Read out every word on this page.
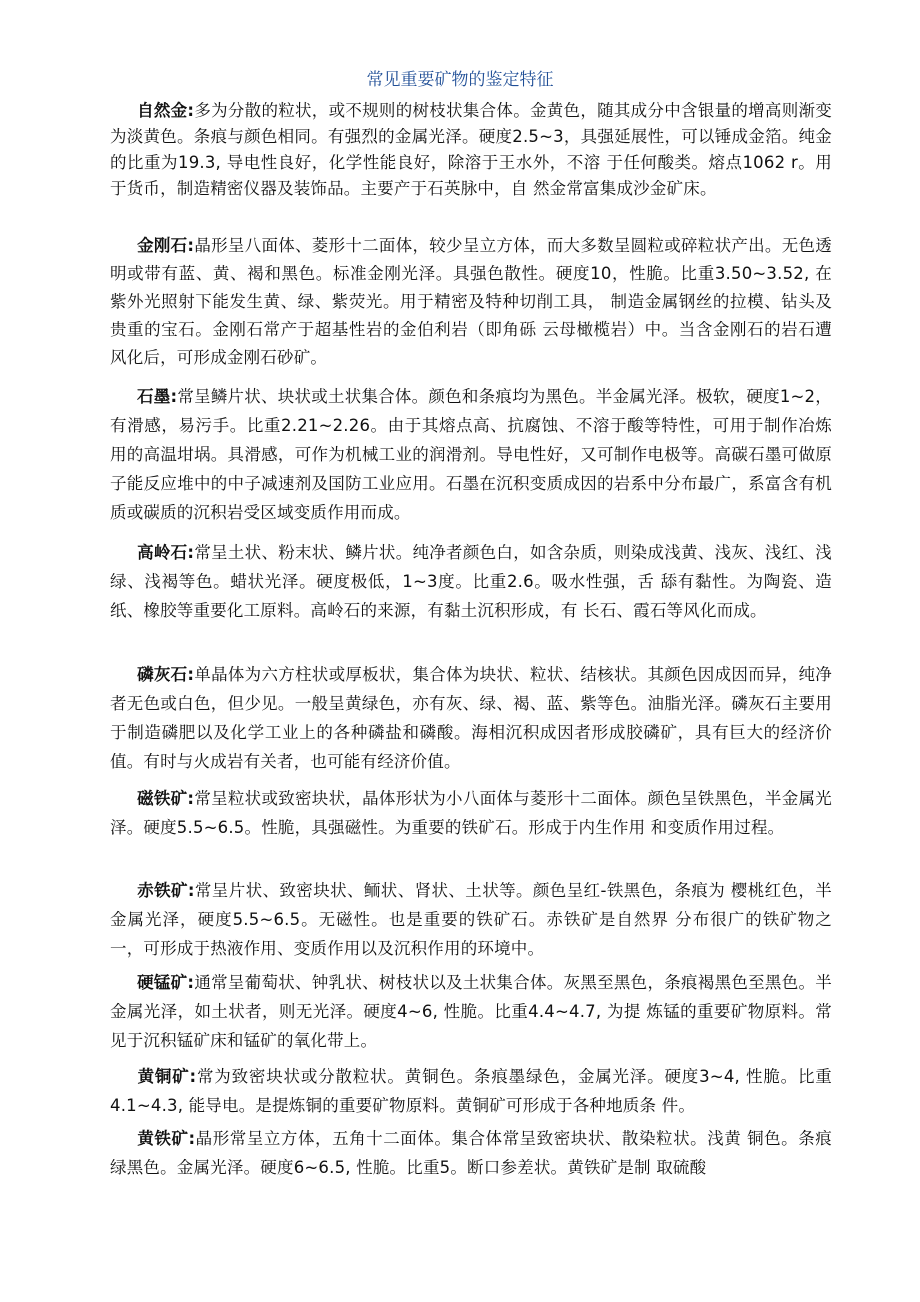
常见重要矿物的鉴定特征

自然金:多为分散的粒状，或不规则的树枝状集合体。金黄色，随其成分中含银量的增高则渐变为淡黄色。条痕与颜色相同。有强烈的金属光泽。硬度2.5~3，具强延展性，可以锤成金箔。纯金的比重为19.3, 导电性良好，化学性能良好，除溶于王水外，不溶 于任何酸类。熔点1062 r。用于货币，制造精密仪器及装饰品。主要产于石英脉中，自 然金常富集成沙金矿床。

金刚石:晶形呈八面体、菱形十二面体，较少呈立方体，而大多数呈圆粒或碎粒状产出。无色透明或带有蓝、黄、褐和黑色。标准金刚光泽。具强色散性。硬度10，性脆。比重3.50~3.52, 在紫外光照射下能发生黄、绿、紫荧光。用于精密及特种切削工具， 制造金属钢丝的拉模、钻头及贵重的宝石。金刚石常产于超基性岩的金伯利岩（即角砾 云母橄榄岩）中。当含金刚石的岩石遭风化后，可形成金刚石砂矿。

石墨:常呈鳞片状、块状或土状集合体。颜色和条痕均为黑色。半金属光泽。极软，硬度1~2，有滑感，易污手。比重2.21~2.26。由于其熔点高、抗腐蚀、不溶于酸等特性，可用于制作冶炼用的高温坩埚。具滑感，可作为机械工业的润滑剂。导电性好，又可制作电极等。高碳石墨可做原子能反应堆中的中子减速剂及国防工业应用。石墨在沉积变质成因的岩系中分布最广，系富含有机质或碳质的沉积岩受区域变质作用而成。

高岭石:常呈土状、粉末状、鳞片状。纯净者颜色白，如含杂质，则染成浅黄、浅灰、浅红、浅绿、浅褐等色。蜡状光泽。硬度极低，1~3度。比重2.6。吸水性强，舌 舔有黏性。为陶瓷、造纸、橡胶等重要化工原料。高岭石的来源，有黏土沉积形成，有 长石、霞石等风化而成。

磷灰石:单晶体为六方柱状或厚板状，集合体为块状、粒状、结核状。其颜色因成因而异，纯净者无色或白色，但少见。一般呈黄绿色，亦有灰、绿、褐、蓝、紫等色。油脂光泽。磷灰石主要用于制造磷肥以及化学工业上的各种磷盐和磷酸。海相沉积成因者形成胶磷矿，具有巨大的经济价值。有时与火成岩有关者，也可能有经济价值。

磁铁矿:常呈粒状或致密块状，晶体形状为小八面体与菱形十二面体。颜色呈铁黑色，半金属光泽。硬度5.5~6.5。性脆，具强磁性。为重要的铁矿石。形成于内生作用 和变质作用过程。

赤铁矿:常呈片状、致密块状、鲕状、肾状、土状等。颜色呈红-铁黑色，条痕为 樱桃红色，半金属光泽，硬度5.5~6.5。无磁性。也是重要的铁矿石。赤铁矿是自然界 分布很广的铁矿物之一，可形成于热液作用、变质作用以及沉积作用的环境中。

硬锰矿:通常呈葡萄状、钟乳状、树枝状以及土状集合体。灰黑至黑色，条痕褐黑色至黑色。半金属光泽，如土状者，则无光泽。硬度4~6, 性脆。比重4.4~4.7, 为提 炼锰的重要矿物原料。常见于沉积锰矿床和锰矿的氧化带上。

黄铜矿:常为致密块状或分散粒状。黄铜色。条痕墨绿色，金属光泽。硬度3~4, 性脆。比重4.1~4.3, 能导电。是提炼铜的重要矿物原料。黄铜矿可形成于各种地质条 件。

黄铁矿:晶形常呈立方体，五角十二面体。集合体常呈致密块状、散染粒状。浅黄 铜色。条痕绿黑色。金属光泽。硬度6~6.5, 性脆。比重5。断口参差状。黄铁矿是制 取硫酸
